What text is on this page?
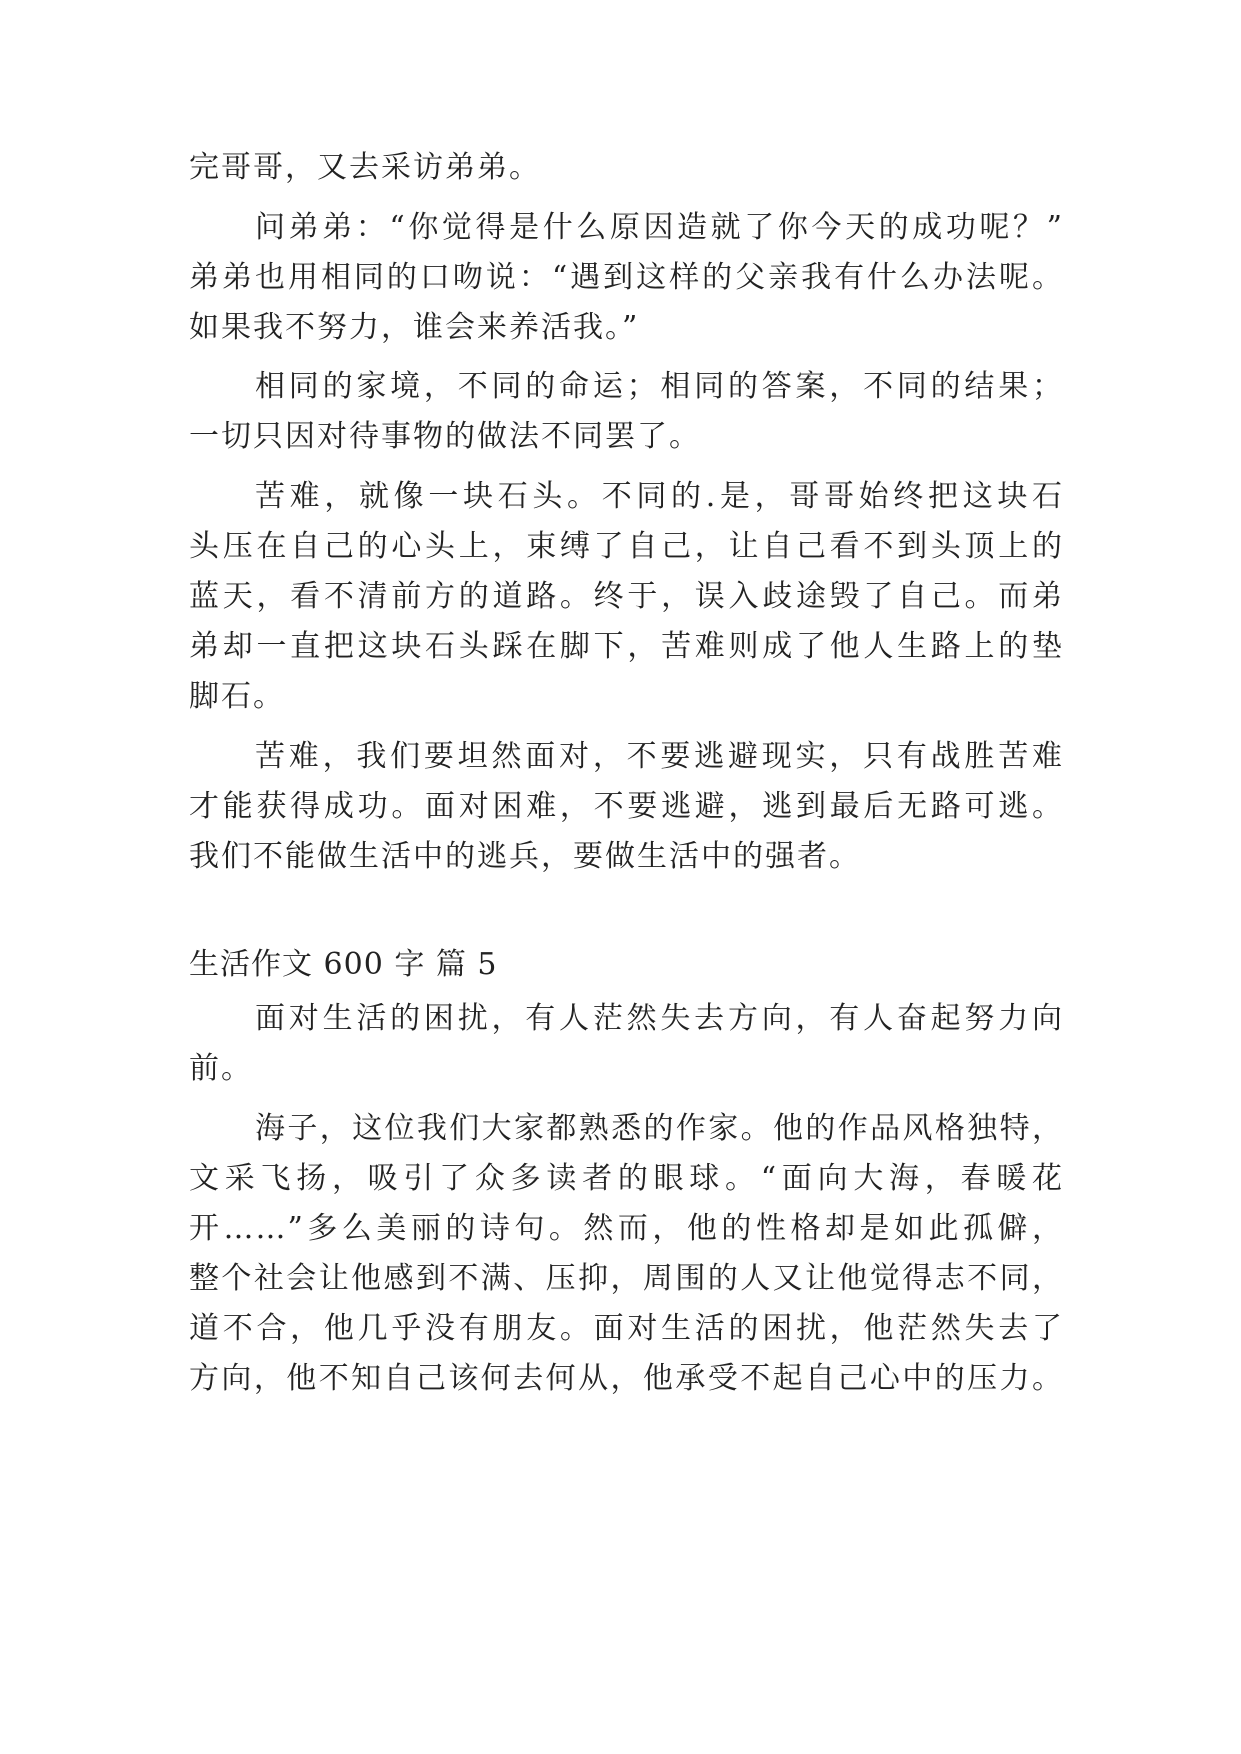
完哥哥，又去采访弟弟。

问弟弟：“你觉得是什么原因造就了你今天的成功呢？”

弟弟也用相同的口吻说：“遇到这样的父亲我有什么办法呢。

如果我不努力，谁会来养活我。”

相同的家境，不同的命运；相同的答案，不同的结果；

一切只因对待事物的做法不同罢了。

苦难，就像一块石头。不同的.是，哥哥始终把这块石

头压在自己的心头上，束缚了自己，让自己看不到头顶上的

蓝天，看不清前方的道路。终于，误入歧途毁了自己。而弟

弟却一直把这块石头踩在脚下，苦难则成了他人生路上的垫

脚石。

苦难，我们要坦然面对，不要逃避现实，只有战胜苦难

才能获得成功。面对困难，不要逃避，逃到最后无路可逃。

我们不能做生活中的逃兵，要做生活中的强者。

生活作文 600 字 篇 5

面对生活的困扰，有人茫然失去方向，有人奋起努力向

前。

海子，这位我们大家都熟悉的作家。他的作品风格独特，

文采飞扬，吸引了众多读者的眼球。“面向大海，春暖花

开……”多么美丽的诗句。然而，他的性格却是如此孤僻，

整个社会让他感到不满、压抑，周围的人又让他觉得志不同，

道不合，他几乎没有朋友。面对生活的困扰，他茫然失去了

方向，他不知自己该何去何从，他承受不起自己心中的压力。
